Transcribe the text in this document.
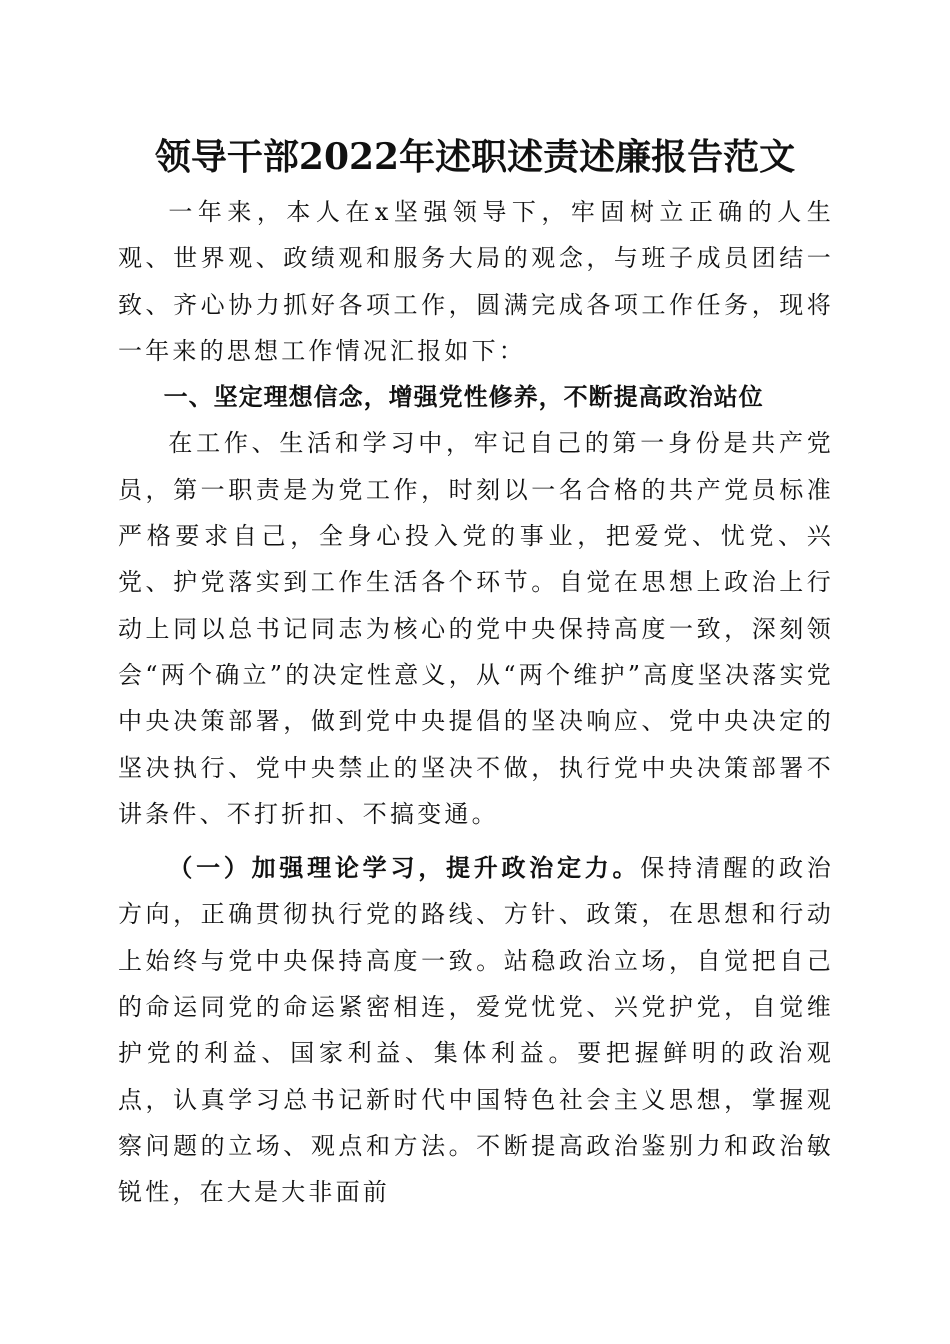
领导干部2022年述职述责述廉报告范文

一年来，本人在x坚强领导下，牢固树立正确的人生观、世界观、政绩观和服务大局的观念，与班子成员团结一致、齐心协力抓好各项工作，圆满完成各项工作任务，现将一年来的思想工作情况汇报如下：

一、坚定理想信念，增强党性修养，不断提高政治站位

在工作、生活和学习中，牢记自己的第一身份是共产党员，第一职责是为党工作，时刻以一名合格的共产党员标准严格要求自己，全身心投入党的事业，把爱党、忧党、兴党、护党落实到工作生活各个环节。自觉在思想上政治上行动上同以总书记同志为核心的党中央保持高度一致，深刻领会“两个确立”的决定性意义，从“两个维护”高度坚决落实党中央决策部署，做到党中央提倡的坚决响应、党中央决定的坚决执行、党中央禁止的坚决不做，执行党中央决策部署不讲条件、不打折扣、不搞变通。

（一）加强理论学习，提升政治定力。保持清醒的政治方向，正确贯彻执行党的路线、方针、政策，在思想和行动上始终与党中央保持高度一致。站稳政治立场，自觉把自己的命运同党的命运紧密相连，爱党忧党、兴党护党，自觉维护党的利益、国家利益、集体利益。要把握鲜明的政治观点，认真学习总书记新时代中国特色社会主义思想，掌握观察问题的立场、观点和方法。不断提高政治鉴别力和政治敏锐性，在大是大非面前
